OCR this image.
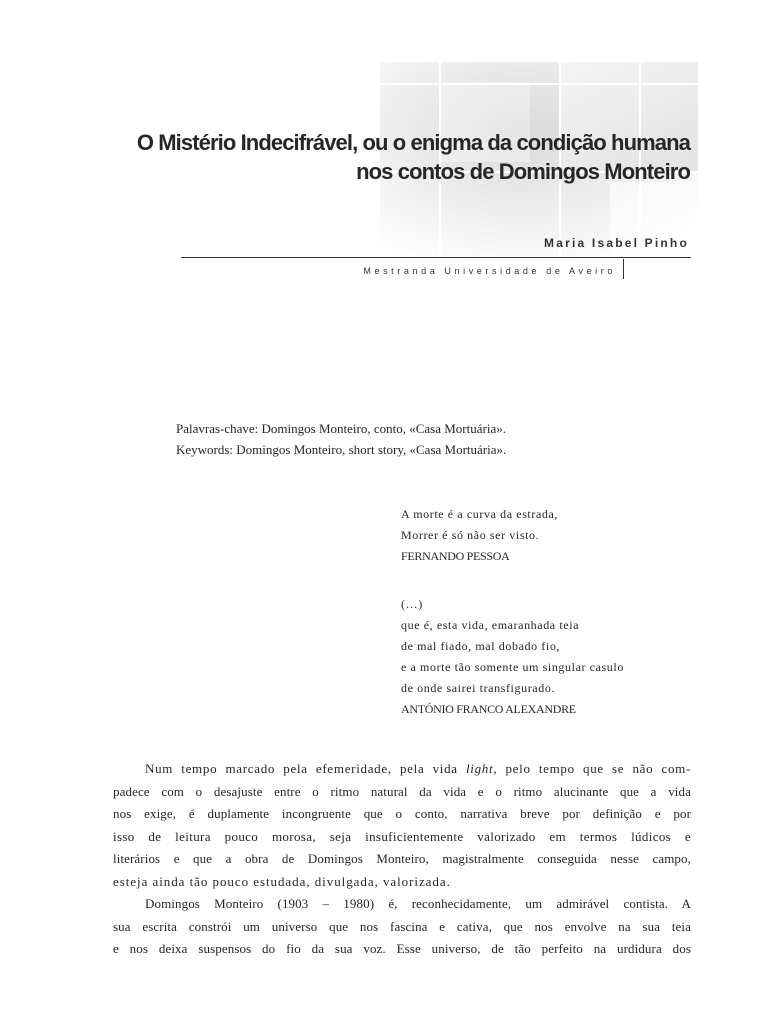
O Mistério Indecifrável, ou o enigma da condição humana
nos contos de Domingos Monteiro
Maria Isabel Pinho
Mestranda Universidade de Aveiro
Palavras-chave: Domingos Monteiro, conto, «Casa Mortuária».
Keywords: Domingos Monteiro, short story, «Casa Mortuária».
A morte é a curva da estrada,
Morrer é só não ser visto.
FERNANDO PESSOA
(…)
que é, esta vida, emaranhada teia
de mal fiado, mal dobado fio,
e a morte tão somente um singular casulo
de onde sairei transfigurado.
ANTÓNIO FRANCO ALEXANDRE
Num tempo marcado pela efemeridade, pela vida light, pelo tempo que se não com-
padece com o desajuste entre o ritmo natural da vida e o ritmo alucinante que a vida
nos exige, é duplamente incongruente que o conto, narrativa breve por definição e por
isso de leitura pouco morosa, seja insuficientemente valorizado em termos lúdicos e
literários e que a obra de Domingos Monteiro, magistralmente conseguida nesse campo,
esteja ainda tão pouco estudada, divulgada, valorizada.
Domingos Monteiro (1903 – 1980) é, reconhecidamente, um admirável contista. A
sua escrita constrói um universo que nos fascina e cativa, que nos envolve na sua teia
e nos deixa suspensos do fio da sua voz. Esse universo, de tão perfeito na urdidura dos
